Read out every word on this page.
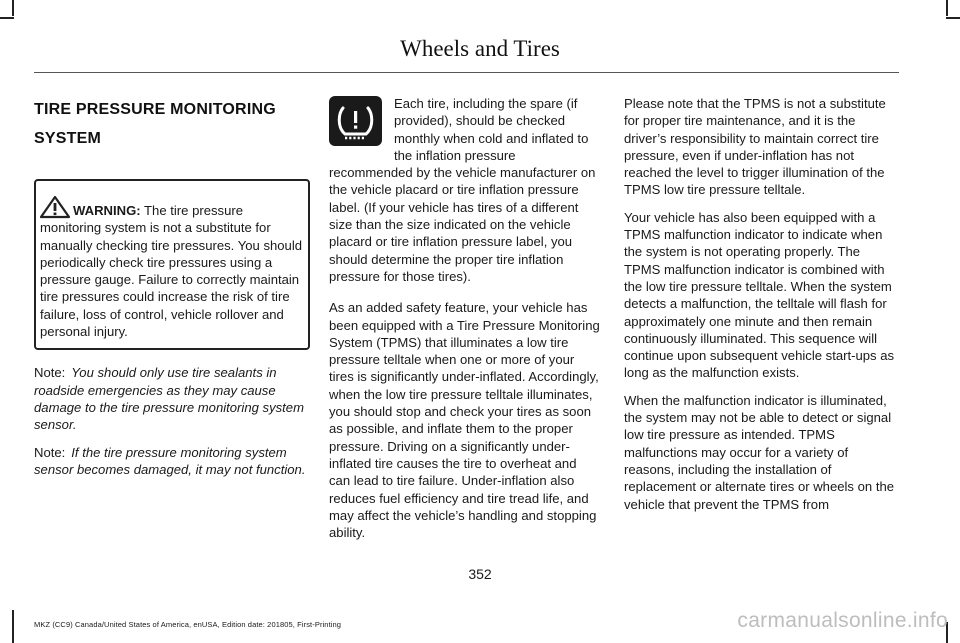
Wheels and Tires
TIRE PRESSURE MONITORING
SYSTEM
WARNING: The tire pressure monitoring system is not a substitute for manually checking tire pressures. You should periodically check tire pressures using a pressure gauge. Failure to correctly maintain tire pressures could increase the risk of tire failure, loss of control, vehicle rollover and personal injury.

Note: You should only use tire sealants in roadside emergencies as they may cause damage to the tire pressure monitoring system sensor.

Note: If the tire pressure monitoring system sensor becomes damaged, it may not function.

Each tire, including the spare (if provided), should be checked monthly when cold and inflated to the inflation pressure recommended by the vehicle manufacturer on the vehicle placard or tire inflation pressure label. (If your vehicle has tires of a different size than the size indicated on the vehicle placard or tire inflation pressure label, you should determine the proper tire inflation pressure for those tires).

As an added safety feature, your vehicle has been equipped with a Tire Pressure Monitoring System (TPMS) that illuminates a low tire pressure telltale when one or more of your tires is significantly under-inflated. Accordingly, when the low tire pressure telltale illuminates, you should stop and check your tires as soon as possible, and inflate them to the proper pressure. Driving on a significantly under-inflated tire causes the tire to overheat and can lead to tire failure. Under-inflation also reduces fuel efficiency and tire tread life, and may affect the vehicle’s handling and stopping ability.

Please note that the TPMS is not a substitute for proper tire maintenance, and it is the driver’s responsibility to maintain correct tire pressure, even if under-inflation has not reached the level to trigger illumination of the TPMS low tire pressure telltale.

Your vehicle has also been equipped with a TPMS malfunction indicator to indicate when the system is not operating properly. The TPMS malfunction indicator is combined with the low tire pressure telltale. When the system detects a malfunction, the telltale will flash for approximately one minute and then remain continuously illuminated. This sequence will continue upon subsequent vehicle start-ups as long as the malfunction exists.

When the malfunction indicator is illuminated, the system may not be able to detect or signal low tire pressure as intended. TPMS malfunctions may occur for a variety of reasons, including the installation of replacement or alternate tires or wheels on the vehicle that prevent the TPMS from

352
MKZ (CC9) Canada/United States of America, enUSA, Edition date: 201805, First-Printing	carmanualsonline.info
